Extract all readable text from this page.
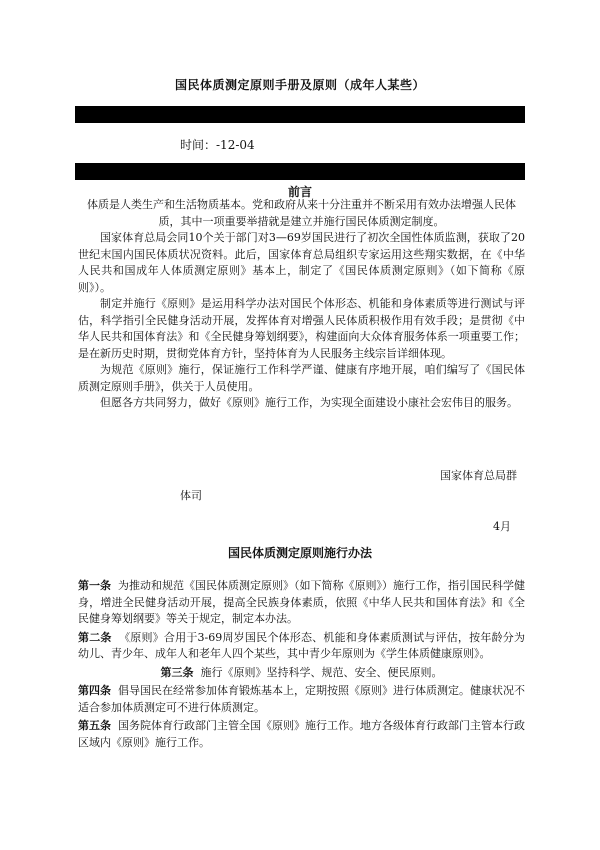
国民体质测定原则手册及原则（成年人某些）
时间：-12-04
前言

体质是人类生产和生活物质基本。党和政府从来十分注重并不断采用有效办法增强人民体质，其中一项重要举措就是建立并施行国民体质测定制度。

国家体育总局会同10个关于部门对3—69岁国民进行了初次全国性体质监测，获取了20世纪末国内国民体质状况资料。此后，国家体育总局组织专家运用这些翔实数据，在《中华人民共和国成年人体质测定原则》基本上，制定了《国民体质测定原则》（如下简称《原则》）。

制定并施行《原则》是运用科学办法对国民个体形态、机能和身体素质等进行测试与评估，科学指引全民健身活动开展，发挥体育对增强人民体质积极作用有效手段；是贯彻《中华人民共和国体育法》和《全民健身筹划纲要》，构建面向大众体育服务体系一项重要工作；是在新历史时期，贯彻党体育方针，坚持体育为人民服务主线宗旨详细体现。

为规范《原则》施行，保证施行工作科学严谨、健康有序地开展，咱们编写了《国民体质测定原则手册》，供关于人员使用。

但愿各方共同努力，做好《原则》施行工作，为实现全面建设小康社会宏伟目的服务。

国家体育总局群
体司
4月
国民体质测定原则施行办法

第一条 为推动和规范《国民体质测定原则》（如下简称《原则》）施行工作，指引国民科学健身，增进全民健身活动开展，提高全民族身体素质，依照《中华人民共和国体育法》和《全民健身筹划纲要》等关于规定，制定本办法。

第二条 《原则》合用于3-69周岁国民个体形态、机能和身体素质测试与评估，按年龄分为幼儿、青少年、成年人和老年人四个某些，其中青少年原则为《学生体质健康原则》。

第三条 施行《原则》坚持科学、规范、安全、便民原则。

第四条 倡导国民在经常参加体育锻炼基本上，定期按照《原则》进行体质测定。健康状况不适合参加体质测定可不进行体质测定。

第五条 国务院体育行政部门主管全国《原则》施行工作。地方各级体育行政部门主管本行政区域内《原则》施行工作。
